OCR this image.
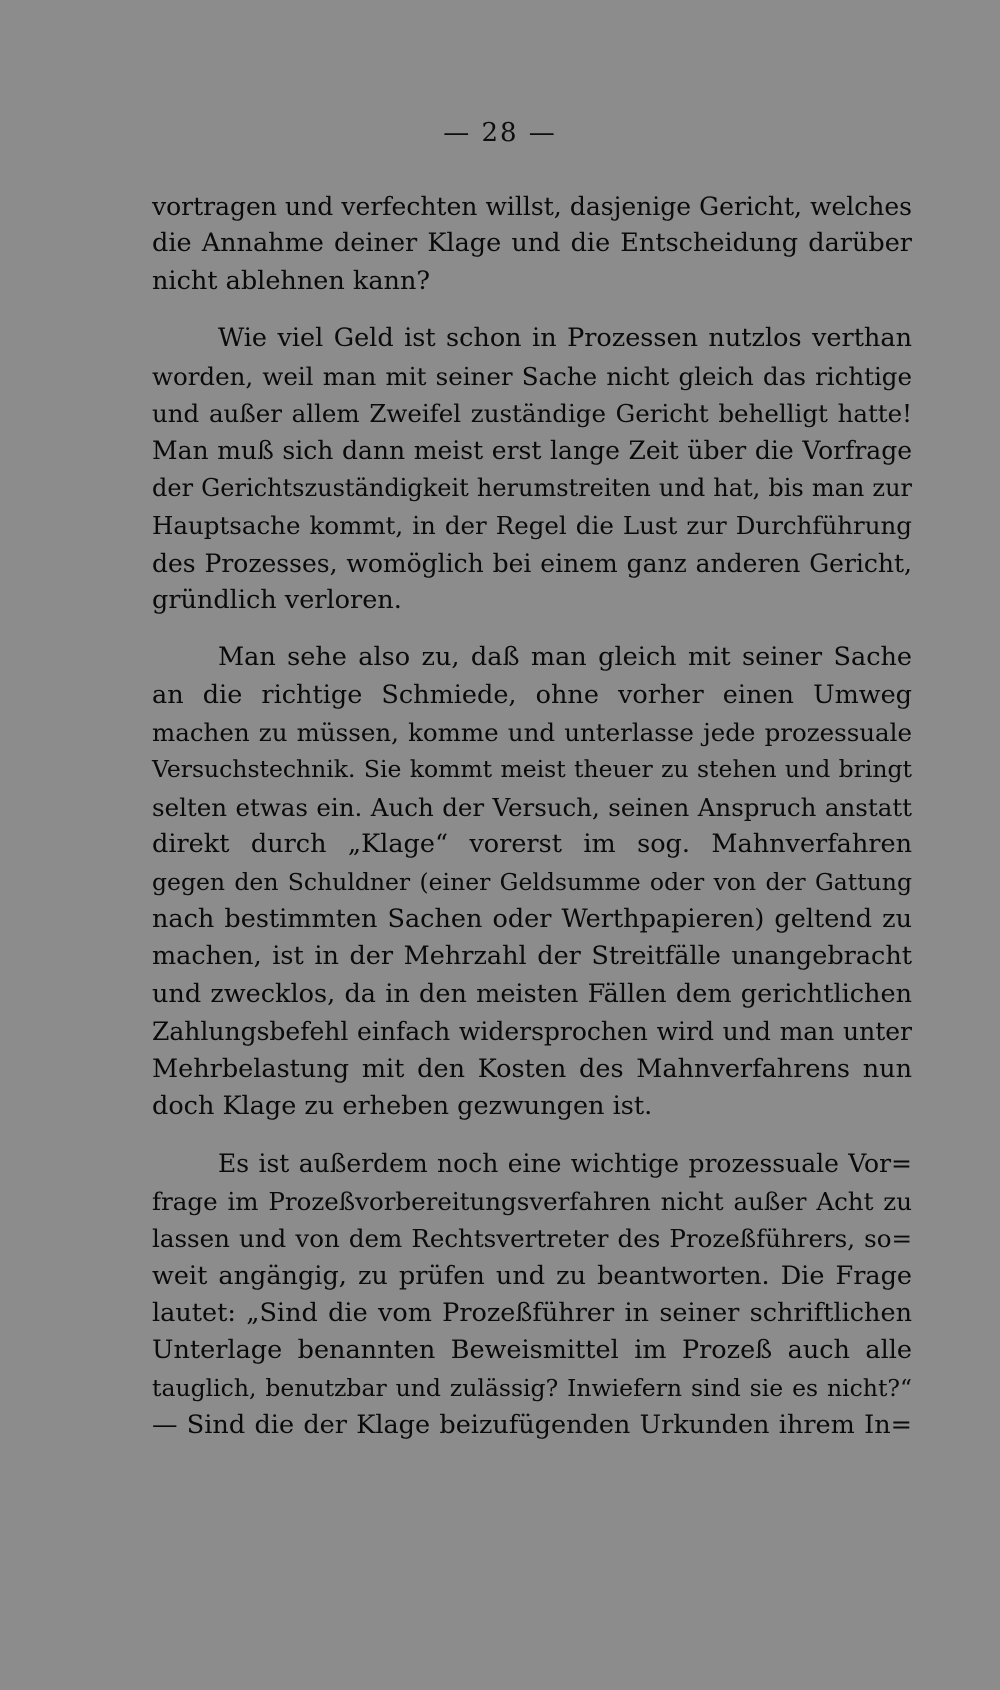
— 28 —
vortragen und verfechten willst, dasjenige Gericht, welches
die Annahme deiner Klage und die Entscheidung darüber
nicht ablehnen kann?
Wie viel Geld ist schon in Prozessen nutzlos verthan
worden, weil man mit seiner Sache nicht gleich das richtige
und außer allem Zweifel zuständige Gericht behelligt hatte!
Man muß sich dann meist erst lange Zeit über die Vorfrage
der Gerichtszuständigkeit herumstreiten und hat, bis man zur
Hauptsache kommt, in der Regel die Lust zur Durchführung
des Prozesses, womöglich bei einem ganz anderen Gericht,
gründlich verloren.
Man sehe also zu, daß man gleich mit seiner Sache
an die richtige Schmiede, ohne vorher einen Umweg
machen zu müssen, komme und unterlasse jede prozessuale
Versuchstechnik. Sie kommt meist theuer zu stehen und bringt
selten etwas ein. Auch der Versuch, seinen Anspruch anstatt
direkt durch „Klage“ vorerst im sog. Mahnverfahren
gegen den Schuldner (einer Geldsumme oder von der Gattung
nach bestimmten Sachen oder Werthpapieren) geltend zu
machen, ist in der Mehrzahl der Streitfälle unangebracht
und zwecklos, da in den meisten Fällen dem gerichtlichen
Zahlungsbefehl einfach widersprochen wird und man unter
Mehrbelastung mit den Kosten des Mahnverfahrens nun
doch Klage zu erheben gezwungen ist.
Es ist außerdem noch eine wichtige prozessuale Vor=
frage im Prozeßvorbereitungsverfahren nicht außer Acht zu
lassen und von dem Rechtsvertreter des Prozeßführers, so=
weit angängig, zu prüfen und zu beantworten. Die Frage
lautet: „Sind die vom Prozeßführer in seiner schriftlichen
Unterlage benannten Beweismittel im Prozeß auch alle
tauglich, benutzbar und zulässig? Inwiefern sind sie es nicht?“
— Sind die der Klage beizufügenden Urkunden ihrem In=
